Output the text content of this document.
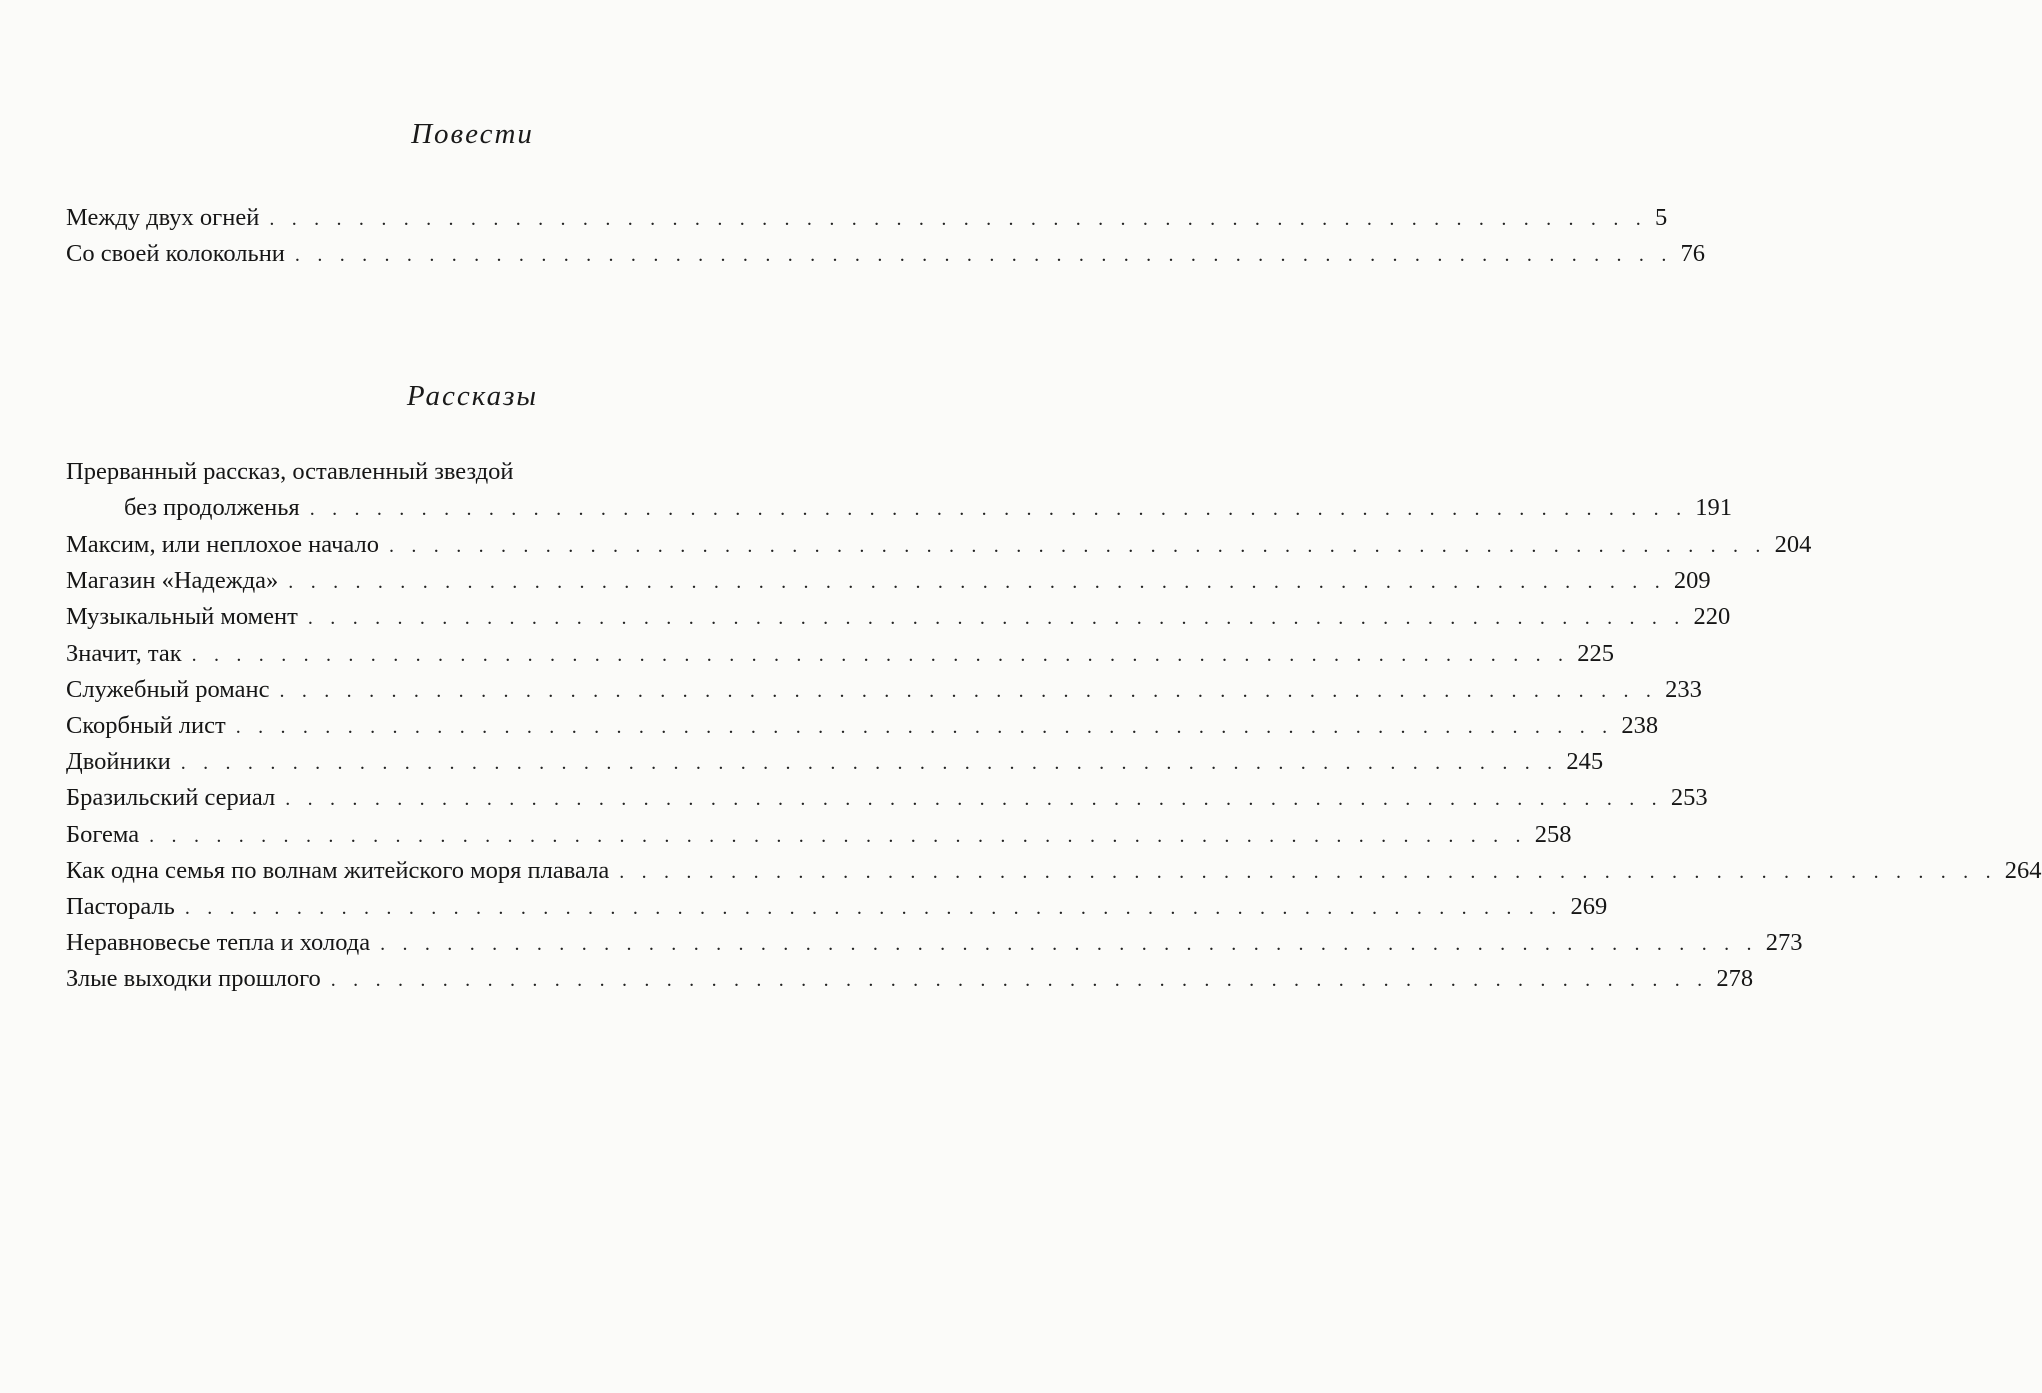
Повести
Между двух огней . . . . . . . . . . . . . . . . . . . . . . . . . . . . . . . . . . . . . . . . . . . . . . . . . . . . . . . . . . . . . . 5
Со своей колокольни . . . . . . . . . . . . . . . . . . . . . . . . . . . . . . . . . . . . . . . . . . . . . . . . . . . . . . . . . . . . . . 76
Рассказы
Прерванный рассказ, оставленный звездой
без продолженья . . . . . . . . . . . . . . . . . . . . . . . . . . . . . . . . . . . . . . . . . . . . . . . . . . . . . . . . . . . . . . 191
Максим, или неплохое начало . . . . . . . . . . . . . . . . . . . . . . . . . . . . . . . . . . . . . . . . . . . . . . . . . . . . . . . . . . . . . . 204
Магазин «Надежда» . . . . . . . . . . . . . . . . . . . . . . . . . . . . . . . . . . . . . . . . . . . . . . . . . . . . . . . . . . . . . . 209
Музыкальный момент . . . . . . . . . . . . . . . . . . . . . . . . . . . . . . . . . . . . . . . . . . . . . . . . . . . . . . . . . . . . . . 220
Значит, так . . . . . . . . . . . . . . . . . . . . . . . . . . . . . . . . . . . . . . . . . . . . . . . . . . . . . . . . . . . . . . 225
Служебный романс . . . . . . . . . . . . . . . . . . . . . . . . . . . . . . . . . . . . . . . . . . . . . . . . . . . . . . . . . . . . . . 233
Скорбный лист . . . . . . . . . . . . . . . . . . . . . . . . . . . . . . . . . . . . . . . . . . . . . . . . . . . . . . . . . . . . . . 238
Двойники . . . . . . . . . . . . . . . . . . . . . . . . . . . . . . . . . . . . . . . . . . . . . . . . . . . . . . . . . . . . . . 245
Бразильский сериал . . . . . . . . . . . . . . . . . . . . . . . . . . . . . . . . . . . . . . . . . . . . . . . . . . . . . . . . . . . . . . 253
Богема . . . . . . . . . . . . . . . . . . . . . . . . . . . . . . . . . . . . . . . . . . . . . . . . . . . . . . . . . . . . . . 258
Как одна семья по волнам житейского моря плавала . . . . . . . . . . . . . . . . . . . . . . . . . . . . . . . . . . . . . . . . . . . . . . . . . . . . . . . . . . . . . . 264
Пастораль . . . . . . . . . . . . . . . . . . . . . . . . . . . . . . . . . . . . . . . . . . . . . . . . . . . . . . . . . . . . . . 269
Неравновесье тепла и холода . . . . . . . . . . . . . . . . . . . . . . . . . . . . . . . . . . . . . . . . . . . . . . . . . . . . . . . . . . . . . . 273
Злые выходки прошлого . . . . . . . . . . . . . . . . . . . . . . . . . . . . . . . . . . . . . . . . . . . . . . . . . . . . . . . . . . . . . . 278
